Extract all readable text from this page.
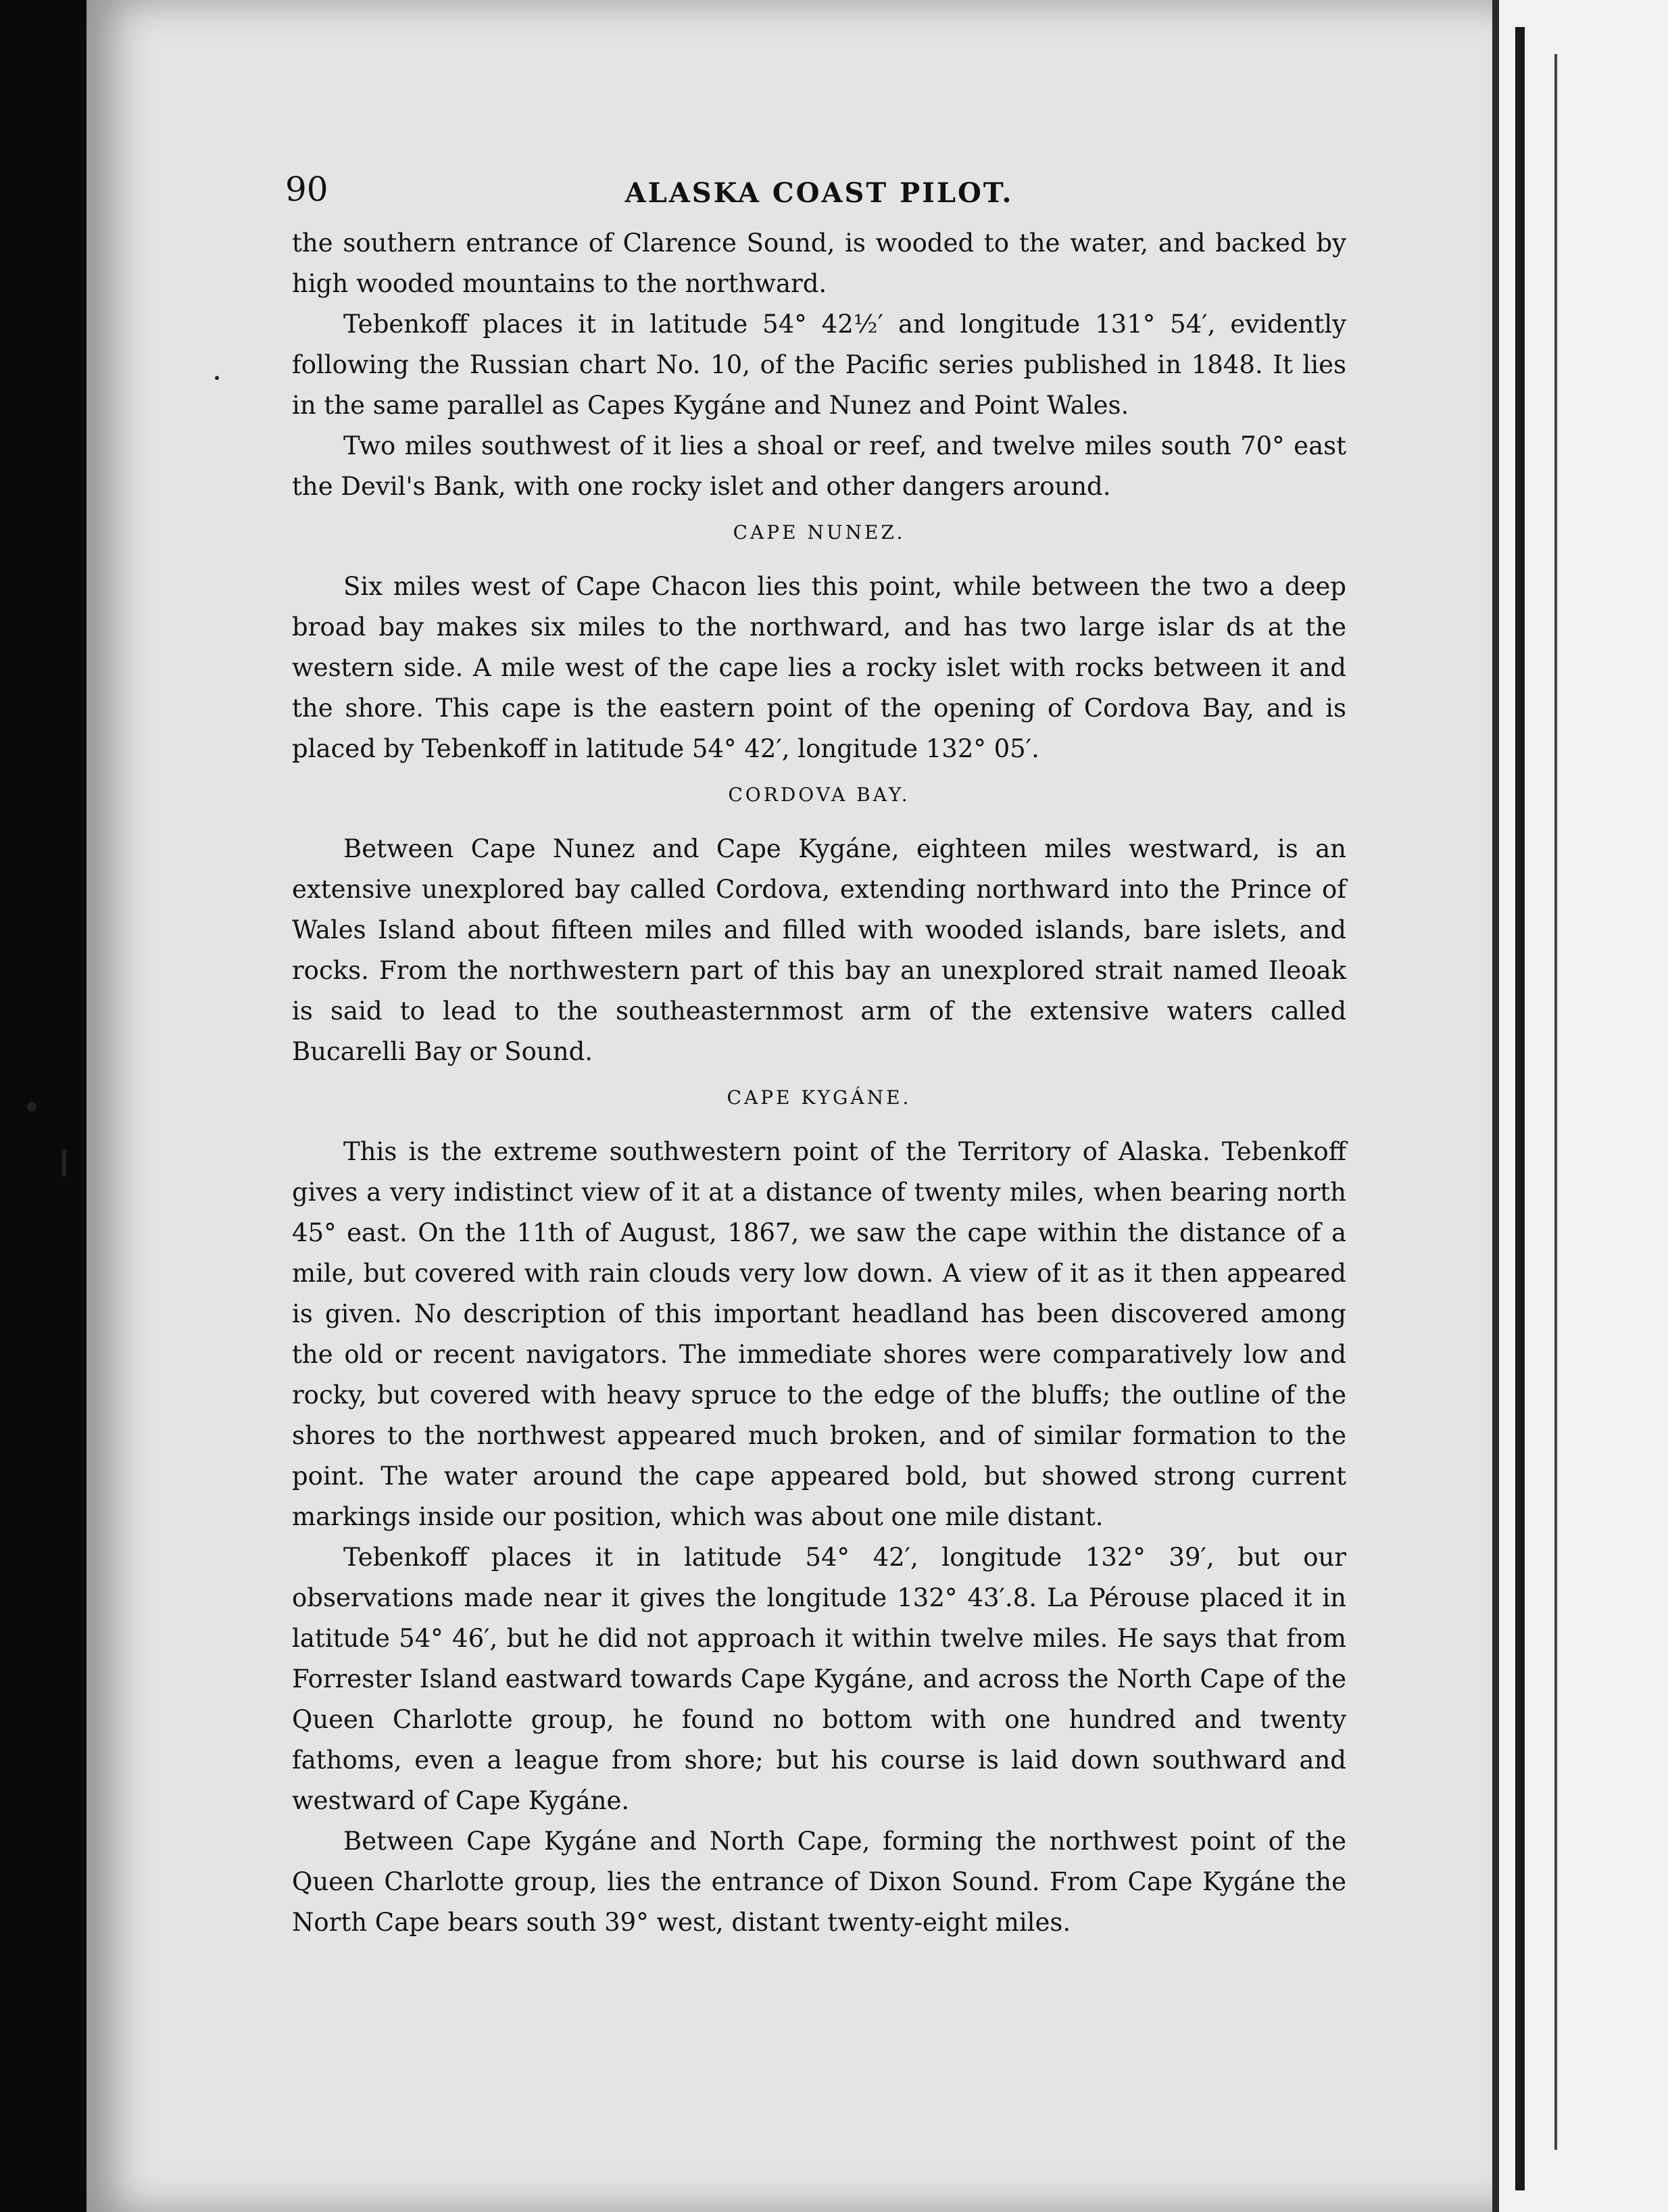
90	ALASKA COAST PILOT.

the southern entrance of Clarence Sound, is wooded to the water, and backed by high wooded mountains to the northward.

Tebenkoff places it in latitude 54° 42½′ and longitude 131° 54′, evidently following the Russian chart No. 10, of the Pacific series published in 1848. It lies in the same parallel as Capes Kygáne and Nunez and Point Wales.

Two miles southwest of it lies a shoal or reef, and twelve miles south 70° east the Devil's Bank, with one rocky islet and other dangers around.

CAPE NUNEZ.

Six miles west of Cape Chacon lies this point, while between the two a deep broad bay makes six miles to the northward, and has two large islar ds at the western side. A mile west of the cape lies a rocky islet with rocks between it and the shore. This cape is the eastern point of the opening of Cordova Bay, and is placed by Tebenkoff in latitude 54° 42′, longitude 132° 05′.

CORDOVA BAY.

Between Cape Nunez and Cape Kygáne, eighteen miles westward, is an extensive unexplored bay called Cordova, extending northward into the Prince of Wales Island about fifteen miles and filled with wooded islands, bare islets, and rocks. From the northwestern part of this bay an unexplored strait named Ileoak is said to lead to the southeasternmost arm of the extensive waters called Bucarelli Bay or Sound.

CAPE KYGÁNE.

This is the extreme southwestern point of the Territory of Alaska. Tebenkoff gives a very indistinct view of it at a distance of twenty miles, when bearing north 45° east. On the 11th of August, 1867, we saw the cape within the distance of a mile, but covered with rain clouds very low down. A view of it as it then appeared is given. No description of this important headland has been discovered among the old or recent navigators. The immediate shores were comparatively low and rocky, but covered with heavy spruce to the edge of the bluffs; the outline of the shores to the northwest appeared much broken, and of similar formation to the point. The water around the cape appeared bold, but showed strong current markings inside our position, which was about one mile distant.

Tebenkoff places it in latitude 54° 42′, longitude 132° 39′, but our observations made near it gives the longitude 132° 43′.8. La Pérouse placed it in latitude 54° 46′, but he did not approach it within twelve miles. He says that from Forrester Island eastward towards Cape Kygáne, and across the North Cape of the Queen Charlotte group, he found no bottom with one hundred and twenty fathoms, even a league from shore; but his course is laid down southward and westward of Cape Kygáne.

Between Cape Kygáne and North Cape, forming the northwest point of the Queen Charlotte group, lies the entrance of Dixon Sound. From Cape Kygáne the North Cape bears south 39° west, distant twenty-eight miles.
